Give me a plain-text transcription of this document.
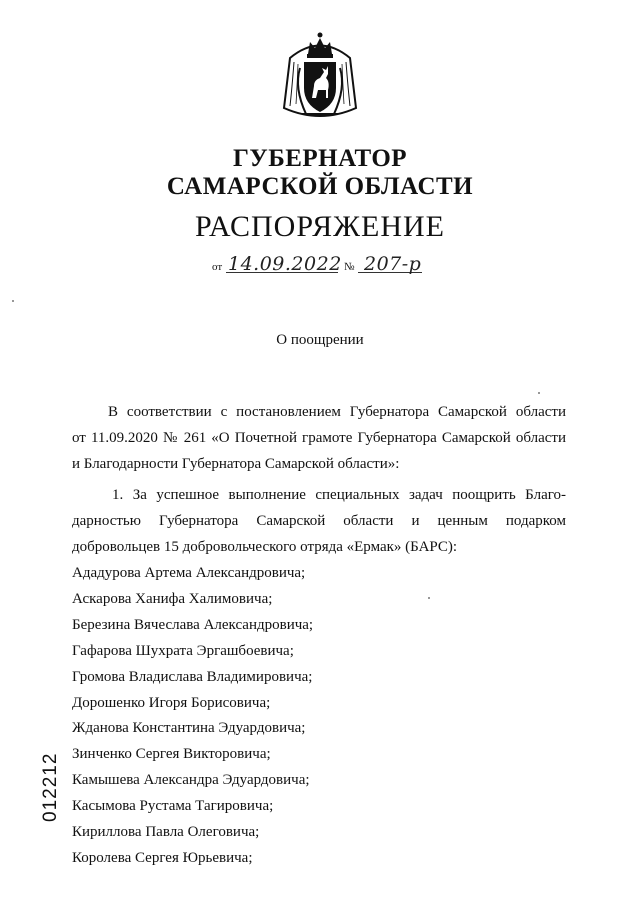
ГУБЕРНАТОР
САМАРСКОЙ ОБЛАСТИ
РАСПОРЯЖЕНИЕ
от 14.09.2022 № 207-р
О поощрении
В соответствии с постановлением Губернатора Самарской области
от 11.09.2020 № 261 «О Почетной грамоте Губернатора Самарской области
и Благодарности Губернатора Самарской области»:
1. За успешное выполнение специальных задач поощрить Благо-
дарностью Губернатора Самарской области и ценным подарком
добровольцев 15 добровольческого отряда «Ермак» (БАРС):
Ададурова Артема Александровича;
Аскарова Ханифа Халимовича;
Березина Вячеслава Александровича;
Гафарова Шухрата Эргашбоевича;
Громова Владислава Владимировича;
Дорошенко Игоря Борисовича;
Жданова Константина Эдуардовича;
Зинченко Сергея Викторовича;
Камышева Александра Эдуардовича;
Касымова Рустама Тагировича;
Кириллова Павла Олеговича;
Королева Сергея Юрьевича;
012212
